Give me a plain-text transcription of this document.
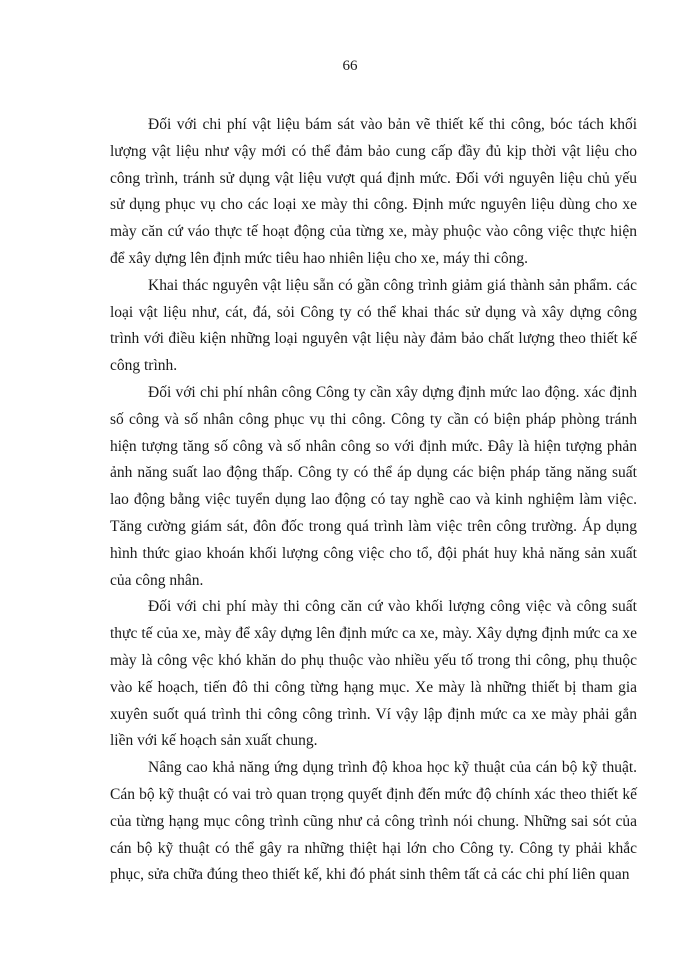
66

Đối với chi phí vật liệu bám sát vào bản vẽ thiết kế thi công, bóc tách khối lượng vật liệu như vậy mới có thể đảm bảo cung cấp đầy đủ kịp thời vật liệu cho công trình, tránh sử dụng vật liệu vượt quá định mức. Đối với nguyên liệu chủ yếu sử dụng phục vụ cho các loại xe mày thi công. Định mức nguyên liệu dùng cho xe mày căn cứ váo thực tế hoạt động của từng xe, mày phuộc vào công việc thực hiện để xây dựng lên định mức tiêu hao nhiên liệu cho xe, máy thi công.

Khai thác nguyên vật liệu sẵn có gần công trình giảm giá thành sản phẩm. các loại vật liệu như, cát, đá, sỏi Công ty có thể khai thác sử dụng và xây dựng công trình với điều kiện những loại nguyên vật liệu này đảm bảo chất lượng theo thiết kế công trình.

Đối với chi phí nhân công Công ty cần xây dựng định mức lao động. xác định số công và số nhân công phục vụ thi công. Công ty cần có biện pháp phòng tránh hiện tượng tăng số công và số nhân công so với định mức. Đây là hiện tượng phản ảnh năng suất lao động thấp. Công ty có thể áp dụng các biện pháp tăng năng suất lao động bằng việc tuyển dụng lao động có tay nghề cao và kinh nghiệm làm việc. Tăng cường giám sát, đôn đốc trong quá trình làm việc trên công trường. Áp dụng hình thức giao khoán khối lượng công việc cho tổ, đội phát huy khả năng sản xuất của công nhân.

Đối với chi phí mày thi công căn cứ vào khối lượng công việc và công suất thực tế của xe, mày để xây dựng lên định mức ca xe, mày. Xây dựng định mức ca xe mày là công vệc khó khăn do phụ thuộc vào nhiều yếu tố trong thi công, phụ thuộc vào kế hoạch, tiến đô thi công từng hạng mục. Xe mày là những thiết bị tham gia xuyên suốt quá trình thi công công trình. Ví vậy lập định mức ca xe mày phải gắn liền với kế hoạch sản xuất chung.

Nâng cao khả năng ứng dụng trình độ khoa học kỹ thuật của cán bộ kỹ thuật. Cán bộ kỹ thuật có vai trò quan trọng quyết định đến mức độ chính xác theo thiết kế của từng hạng mục công trình cũng như cả công trình nói chung. Những sai sót của cán bộ kỹ thuật có thể gây ra những thiệt hại lớn cho Công ty. Công ty phải khắc phục, sửa chữa đúng theo thiết kế, khi đó phát sinh thêm tất cả các chi phí liên quan
